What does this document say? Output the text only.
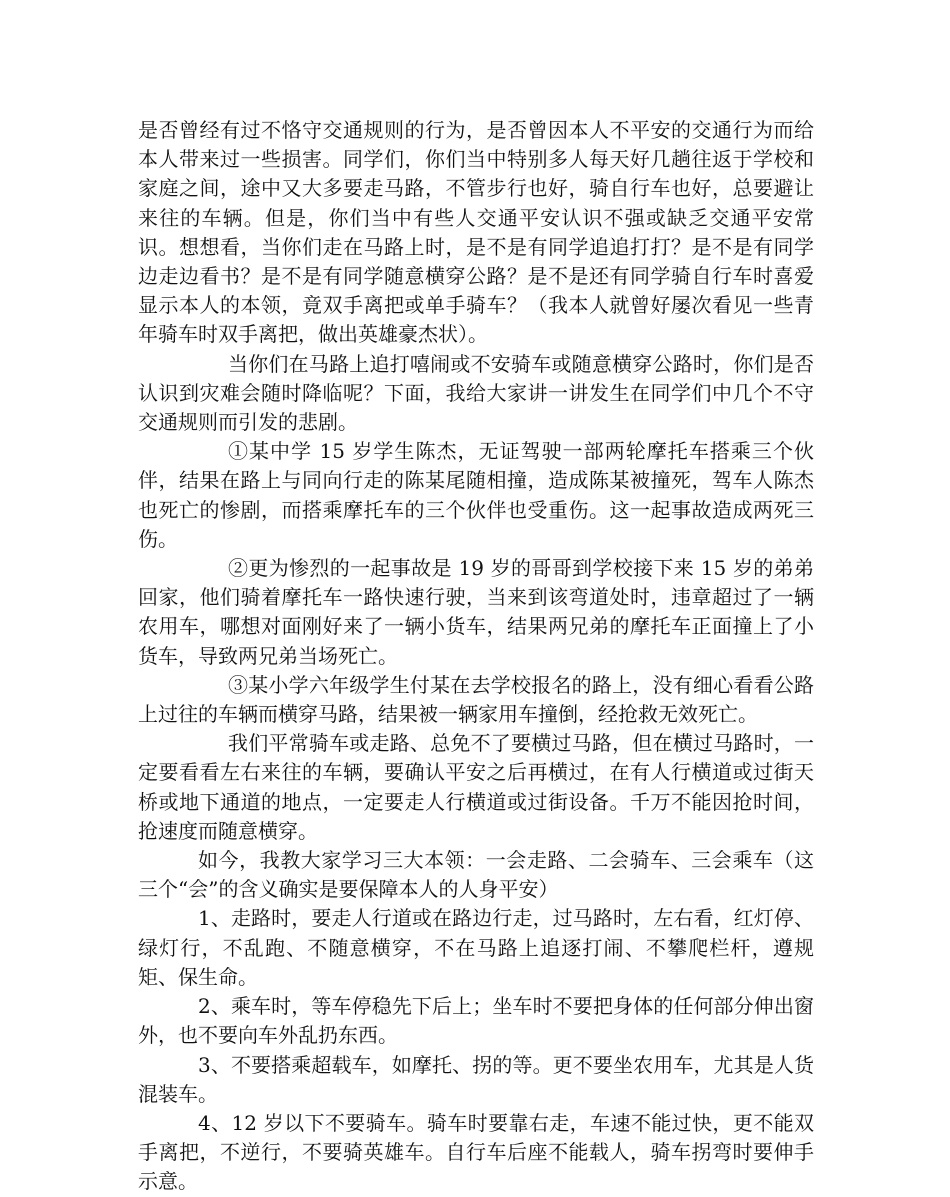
是否曾经有过不恪守交通规则的行为，是否曾因本人不平安的交通行为而给本人带来过一些损害。同学们，你们当中特别多人每天好几趟往返于学校和家庭之间，途中又大多要走马路，不管步行也好，骑自行车也好，总要避让来往的车辆。但是，你们当中有些人交通平安认识不强或缺乏交通平安常识。想想看，当你们走在马路上时，是不是有同学追追打打？是不是有同学边走边看书？是不是有同学随意横穿公路？是不是还有同学骑自行车时喜爱显示本人的本领，竟双手离把或单手骑车？（我本人就曾好屡次看见一些青年骑车时双手离把，做出英雄豪杰状）。

当你们在马路上追打嘻闹或不安骑车或随意横穿公路时，你们是否认识到灾难会随时降临呢？下面，我给大家讲一讲发生在同学们中几个不守交通规则而引发的悲剧。

①某中学 15 岁学生陈杰，无证驾驶一部两轮摩托车搭乘三个伙伴，结果在路上与同向行走的陈某尾随相撞，造成陈某被撞死，驾车人陈杰也死亡的惨剧，而搭乘摩托车的三个伙伴也受重伤。这一起事故造成两死三伤。

②更为惨烈的一起事故是 19 岁的哥哥到学校接下来 15 岁的弟弟回家，他们骑着摩托车一路快速行驶，当来到该弯道处时，违章超过了一辆农用车，哪想对面刚好来了一辆小货车，结果两兄弟的摩托车正面撞上了小货车，导致两兄弟当场死亡。

③某小学六年级学生付某在去学校报名的路上，没有细心看看公路上过往的车辆而横穿马路，结果被一辆家用车撞倒，经抢救无效死亡。

我们平常骑车或走路、总免不了要横过马路，但在横过马路时，一定要看看左右来往的车辆，要确认平安之后再横过，在有人行横道或过街天桥或地下通道的地点，一定要走人行横道或过街设备。千万不能因抢时间，抢速度而随意横穿。

如今，我教大家学习三大本领：一会走路、二会骑车、三会乘车（这三个“会”的含义确实是要保障本人的人身平安）

1、走路时，要走人行道或在路边行走，过马路时，左右看，红灯停、绿灯行，不乱跑、不随意横穿，不在马路上追逐打闹、不攀爬栏杆，遵规矩、保生命。

2、乘车时，等车停稳先下后上；坐车时不要把身体的任何部分伸出窗外，也不要向车外乱扔东西。

3、不要搭乘超载车，如摩托、拐的等。更不要坐农用车，尤其是人货混装车。

4、12 岁以下不要骑车。骑车时要靠右走，车速不能过快，更不能双手离把，不逆行，不要骑英雄车。自行车后座不能载人，骑车拐弯时要伸手示意。
